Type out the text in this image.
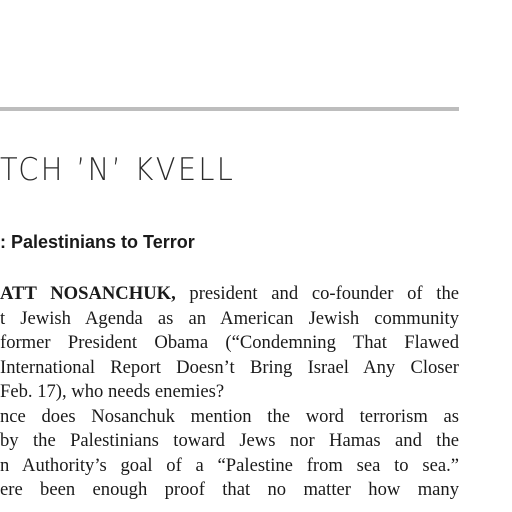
TCH ’N’ KVELL
: Palestinians to Terror
ATT NOSANCHUK, president and co-founder of the
t Jewish Agenda as an American Jewish community
former President Obama (“Condemning That Flawed
International Report Doesn’t Bring Israel Any Closer
Feb. 17), who needs enemies?
nce does Nosanchuk mention the word terrorism as
by the Palestinians toward Jews nor Hamas and the
n Authority’s goal of a “Palestine from sea to sea.”
ere been enough proof that no matter how many
